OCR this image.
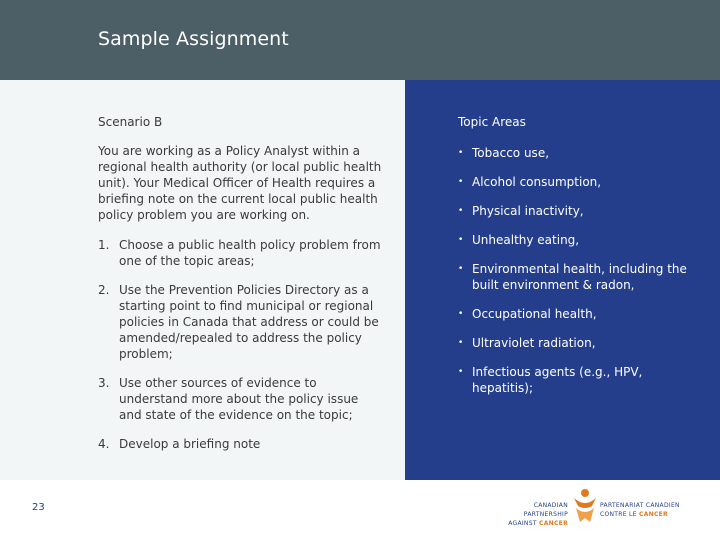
Sample Assignment
Scenario B
You are working as a Policy Analyst within a regional health authority (or local public health unit). Your Medical Officer of Health requires a briefing note on the current local public health policy problem you are working on.
1. Choose a public health policy problem from one of the topic areas;
2. Use the Prevention Policies Directory as a starting point to find municipal or regional policies in Canada that address or could be amended/repealed to address the policy problem;
3. Use other sources of evidence to understand more about the policy issue and state of the evidence on the topic;
4. Develop a briefing note
Topic Areas
• Tobacco use,
• Alcohol consumption,
• Physical inactivity,
• Unhealthy eating,
• Environmental health, including the built environment & radon,
• Occupational health,
• Ultraviolet radiation,
• Infectious agents (e.g., HPV, hepatitis);
23	CANADIAN PARTNERSHIP
AGAINST CANCER
PARTENARIAT CANADIEN
CONTRE LE CANCER
